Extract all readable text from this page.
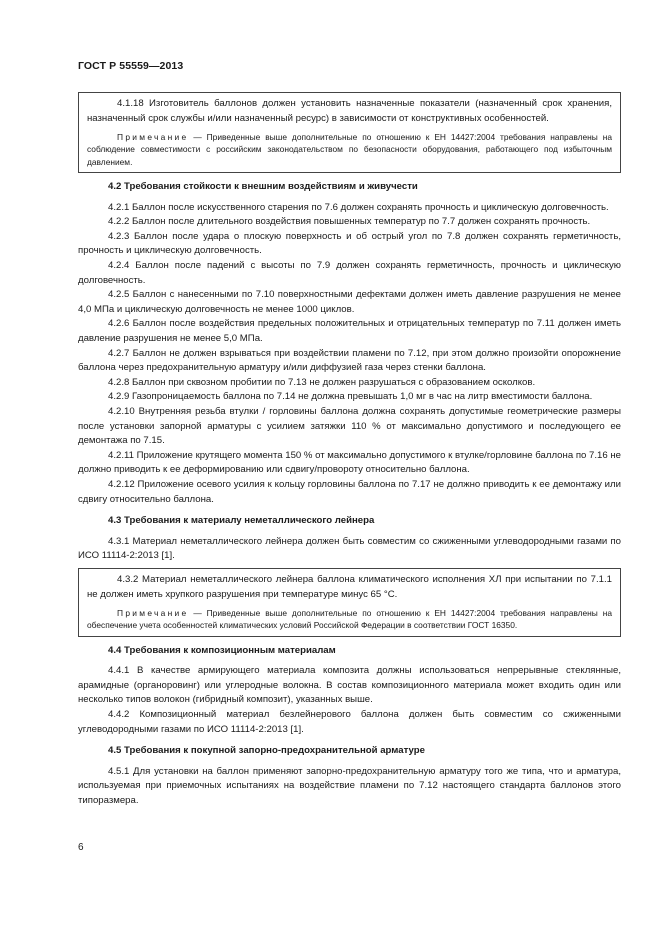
ГОСТ Р 55559—2013

4.1.18 Изготовитель баллонов должен установить назначенные показатели (назначенный срок хранения, назначенный срок службы и/или назначенный ресурс) в зависимости от конструктивных особенностей.

Примечание — Приведенные выше дополнительные по отношению к ЕН 14427:2004 требования направлены на соблюдение совместимости с российским законодательством по безопасности оборудования, работающего под избыточным давлением.

4.2 Требования стойкости к внешним воздействиям и живучести

4.2.1 Баллон после искусственного старения по 7.6 должен сохранять прочность и циклическую долговечность.

4.2.2 Баллон после длительного воздействия повышенных температур по 7.7 должен сохранять прочность.

4.2.3 Баллон после удара о плоскую поверхность и об острый угол по 7.8 должен сохранять герметичность, прочность и циклическую долговечность.

4.2.4 Баллон после падений с высоты по 7.9 должен сохранять герметичность, прочность и циклическую долговечность.

4.2.5 Баллон с нанесенными по 7.10 поверхностными дефектами должен иметь давление разрушения не менее 4,0 МПа и циклическую долговечность не менее 1000 циклов.

4.2.6 Баллон после воздействия предельных положительных и отрицательных температур по 7.11 должен иметь давление разрушения не менее 5,0 МПа.

4.2.7 Баллон не должен взрываться при воздействии пламени по 7.12, при этом должно произойти опорожнение баллона через предохранительную арматуру и/или диффузией газа через стенки баллона.

4.2.8 Баллон при сквозном пробитии по 7.13 не должен разрушаться с образованием осколков.

4.2.9 Газопроницаемость баллона по 7.14 не должна превышать 1,0 мг в час на литр вместимости баллона.

4.2.10 Внутренняя резьба втулки / горловины баллона должна сохранять допустимые геометрические размеры после установки запорной арматуры с усилием затяжки 110 % от максимально допустимого и последующего ее демонтажа по 7.15.

4.2.11 Приложение крутящего момента 150 % от максимально допустимого к втулке/горловине баллона по 7.16 не должно приводить к ее деформированию или сдвигу/провороту относительно баллона.

4.2.12 Приложение осевого усилия к кольцу горловины баллона по 7.17 не должно приводить к ее демонтажу или сдвигу относительно баллона.

4.3 Требования к материалу неметаллического лейнера

4.3.1 Материал неметаллического лейнера должен быть совместим со сжиженными углеводородными газами по ИСО 11114-2:2013 [1].

4.3.2 Материал неметаллического лейнера баллона климатического исполнения ХЛ при испытании по 7.1.1 не должен иметь хрупкого разрушения при температуре минус 65 °С.

Примечание — Приведенные выше дополнительные по отношению к ЕН 14427:2004 требования направлены на обеспечение учета особенностей климатических условий Российской Федерации в соответствии ГОСТ 16350.

4.4 Требования к композиционным материалам

4.4.1 В качестве армирующего материала композита должны использоваться непрерывные стеклянные, арамидные (органоровинг) или углеродные волокна. В состав композиционного материала может входить один или несколько типов волокон (гибридный композит), указанных выше.

4.4.2 Композиционный материал безлейнерового баллона должен быть совместим со сжиженными углеводородными газами по ИСО 11114-2:2013 [1].

4.5 Требования к покупной запорно-предохранительной арматуре

4.5.1 Для установки на баллон применяют запорно-предохранительную арматуру того же типа, что и арматура, используемая при приемочных испытаниях на воздействие пламени по 7.12 настоящего стандарта баллонов этого типоразмера.

6
